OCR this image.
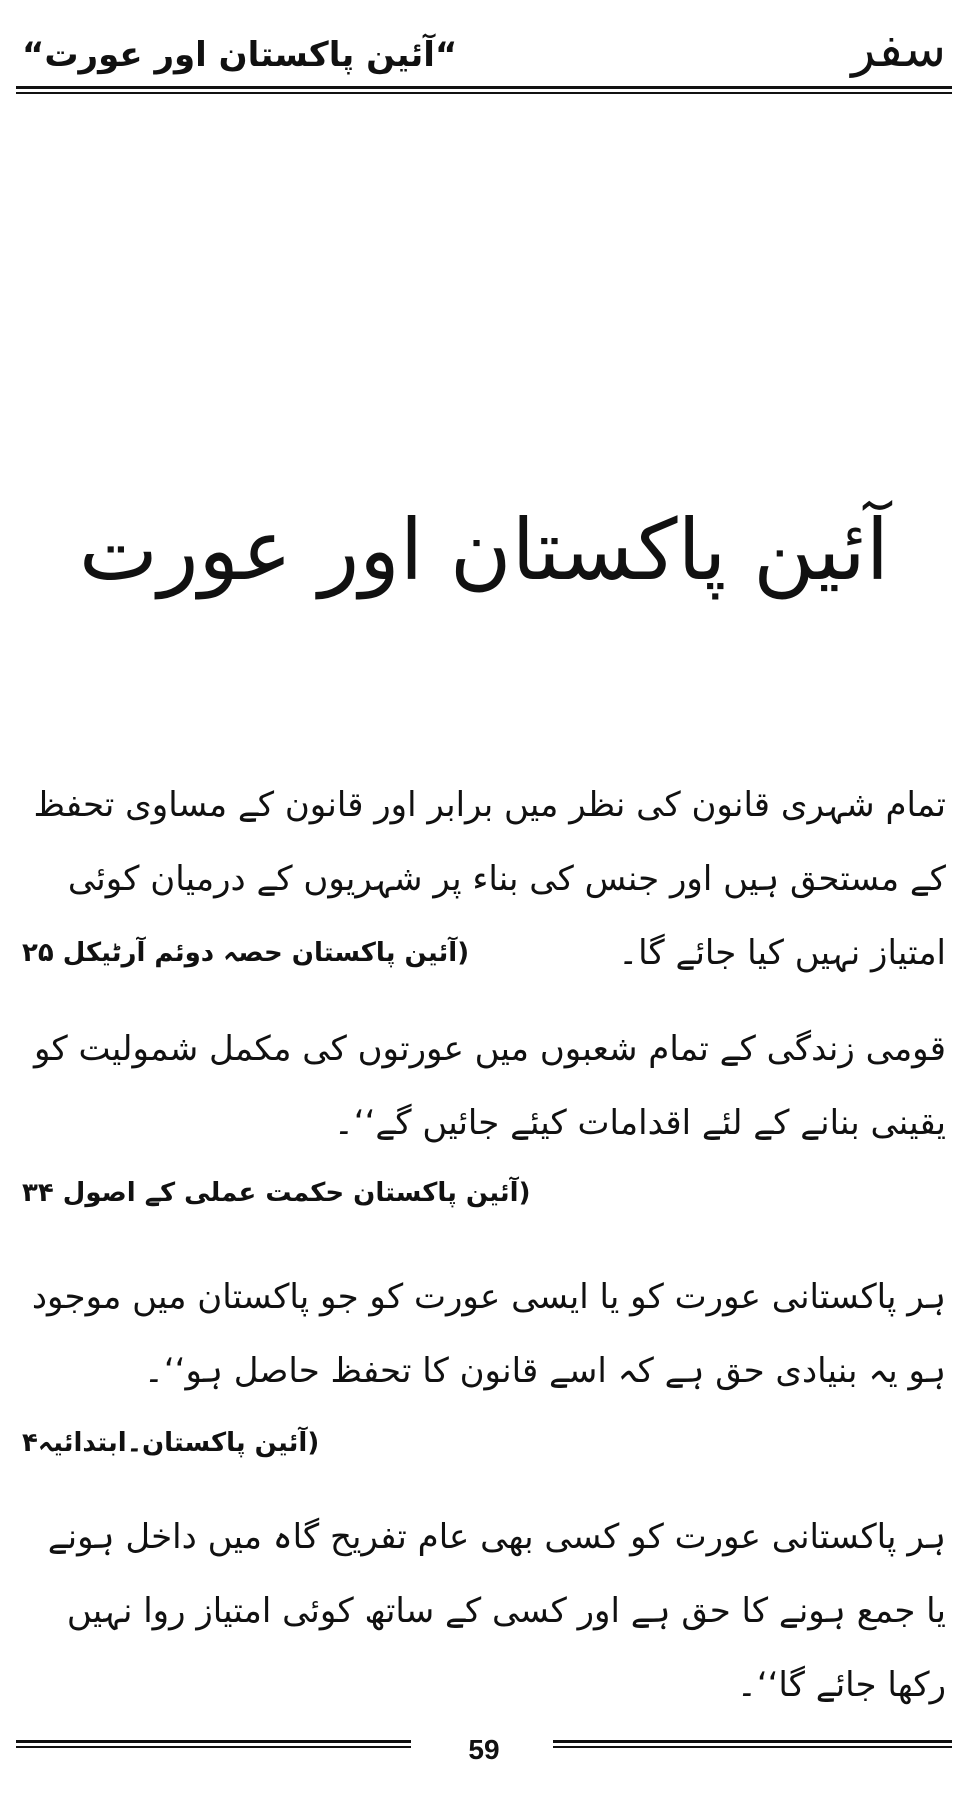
“آئین پاکستان اور عورت“	سفر
آئین پاکستان اور عورت
تمام شہری قانون کی نظر میں برابر اور قانون کے مساوی تحفظ کے مستحق ہیں اور جنس کی بناء پر شہریوں کے درمیان کوئی امتیاز نہیں کیا جائے گا۔
(آئین پاکستان حصہ دوئم آرٹیکل ۲۵
قومی زندگی کے تمام شعبوں میں عورتوں کی مکمل شمولیت کو یقینی بنانے کے لئے اقدامات کیئے جائیں گے‘‘۔
(آئین پاکستان حکمت عملی کے اصول ۳۴
ہر پاکستانی عورت کو یا ایسی عورت کو جو پاکستان میں موجود ہو یہ بنیادی حق ہے کہ اسے قانون کا تحفظ حاصل ہو‘‘۔
(آئین پاکستان۔ابتدائیہ۴
ہر پاکستانی عورت کو کسی بھی عام تفریح گاہ میں داخل ہونے یا جمع ہونے کا حق ہے اور کسی کے ساتھ کوئی امتیاز روا نہیں رکھا جائے گا‘‘۔
59
